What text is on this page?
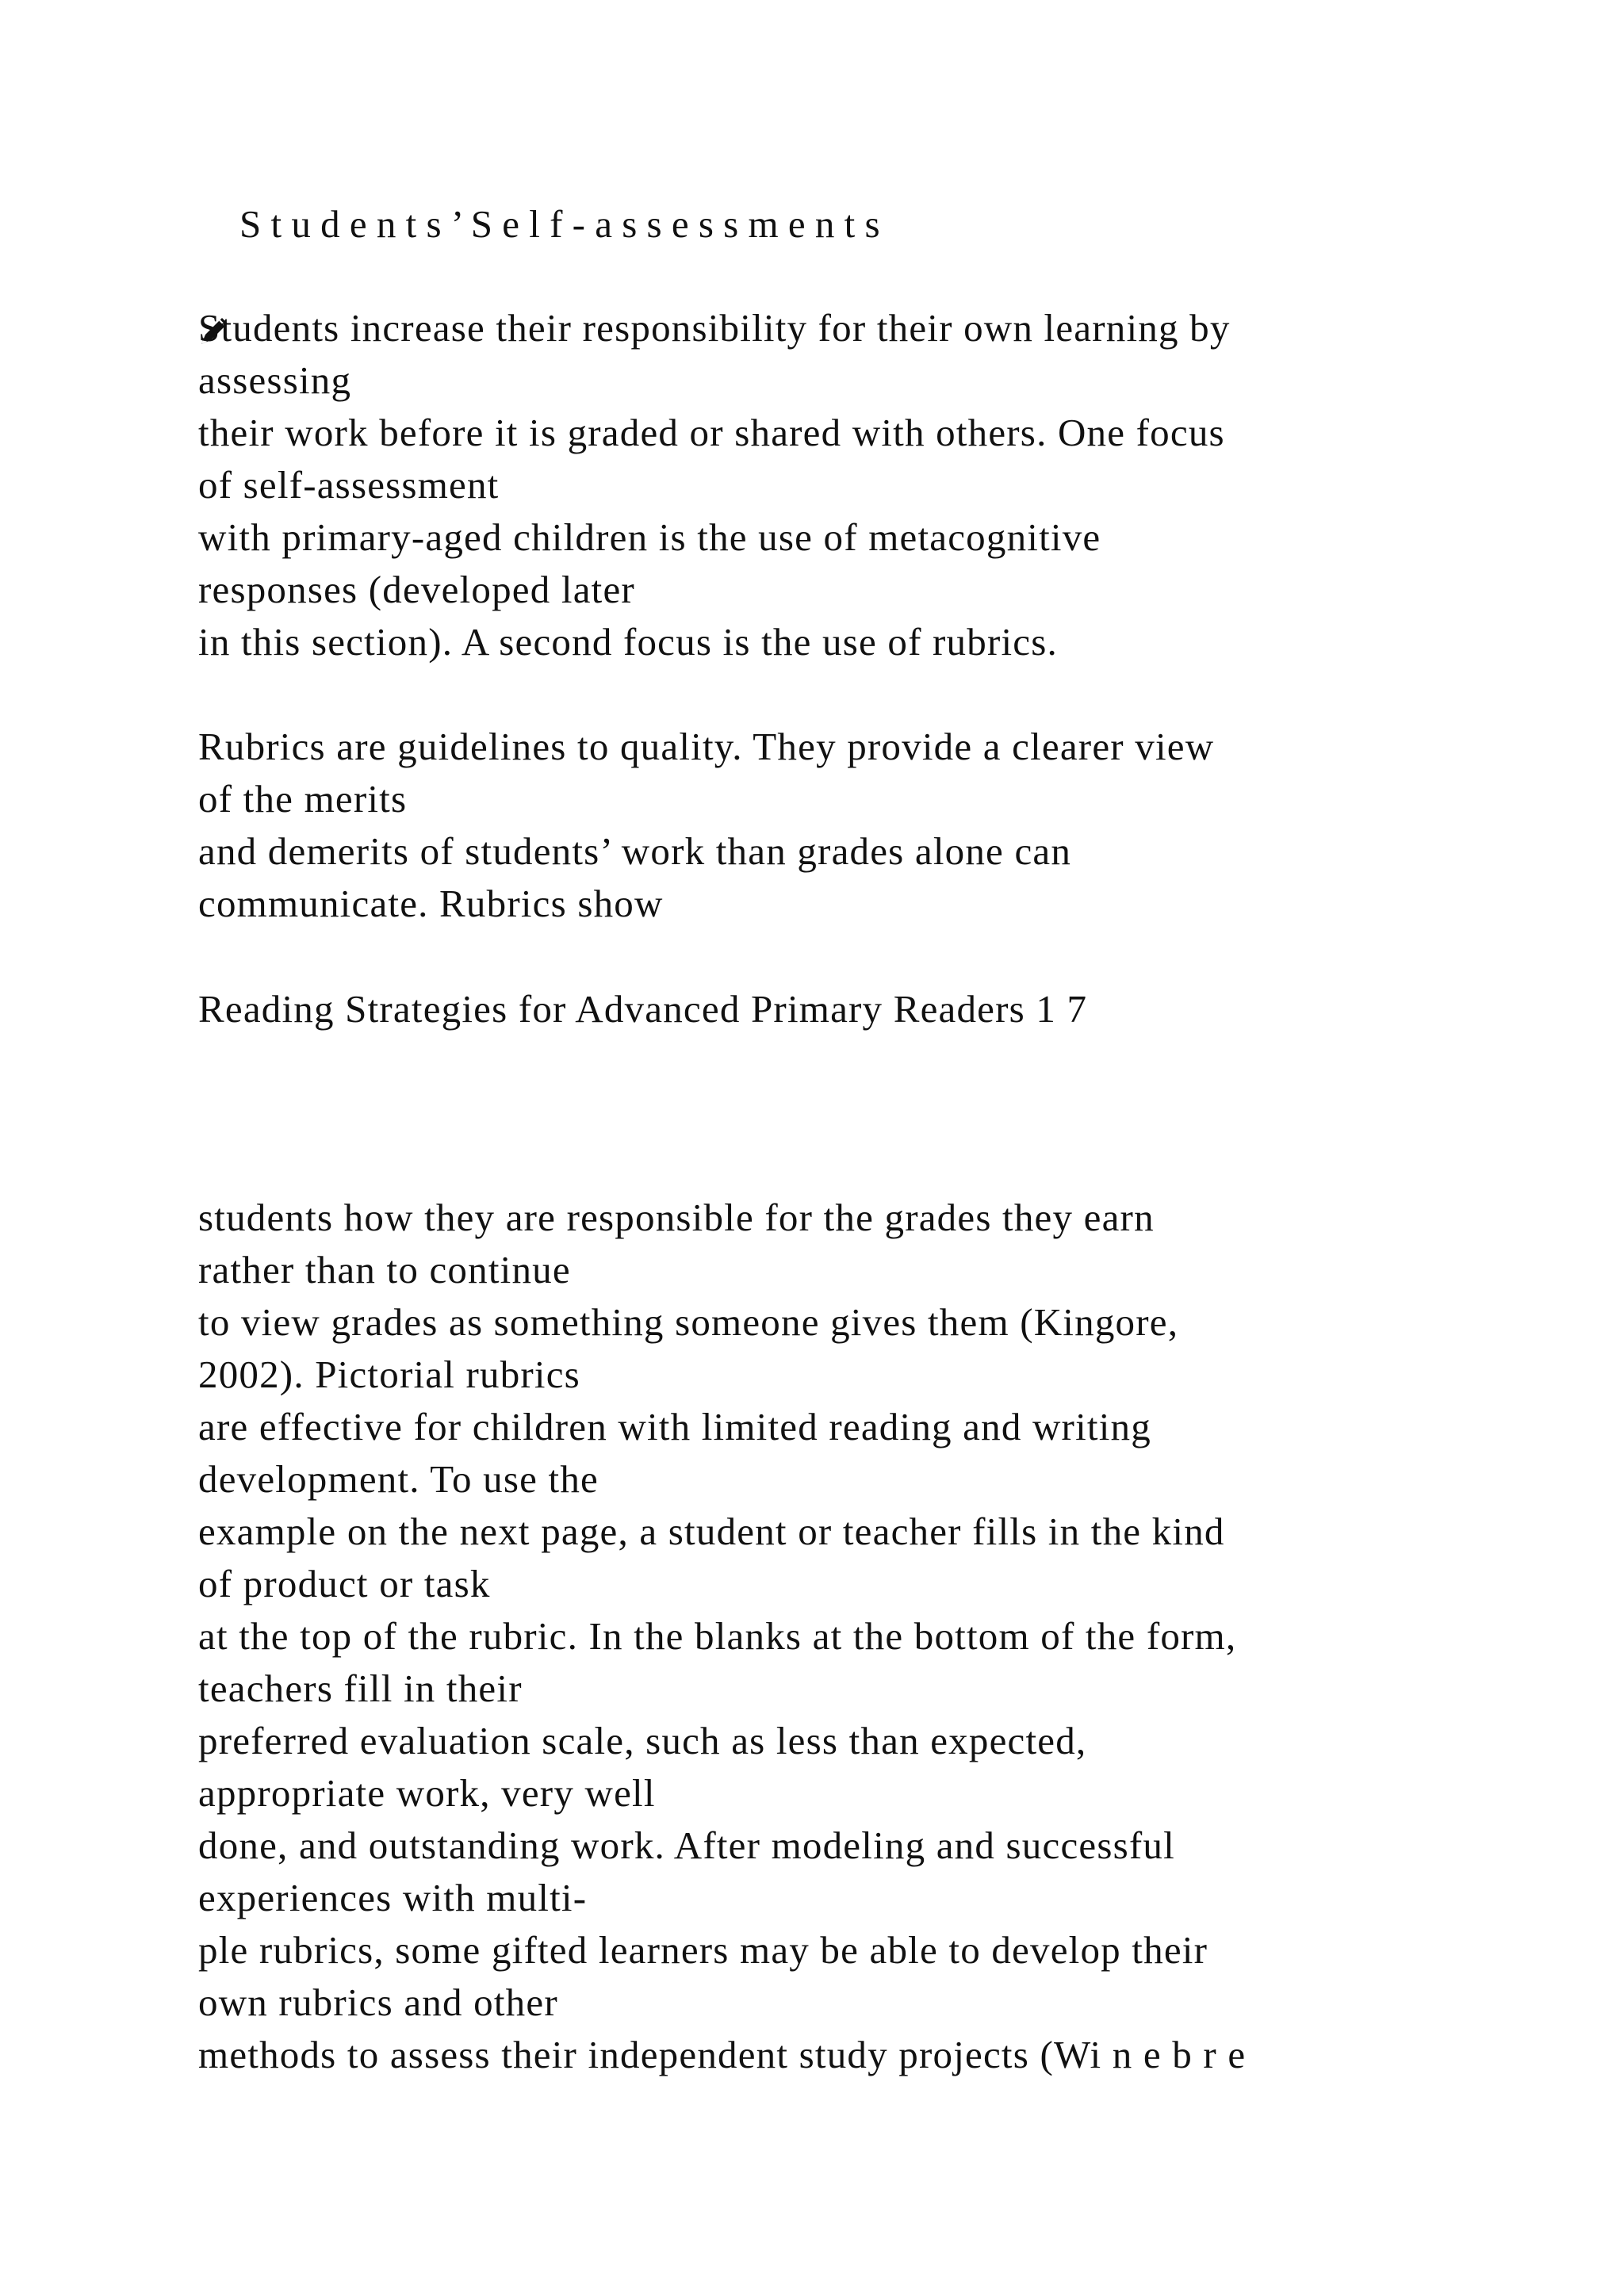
S t u d e n t s ’ S e l f - a s s e s s m e n t s

Students increase their responsibility for their own learning by

assessing

their work before it is graded or shared with others. One focus

of self-assessment

with primary-aged children is the use of metacognitive

responses (developed later

in this section). A second focus is the use of rubrics.

Rubrics are guidelines to quality. They provide a clearer view

of the merits

and demerits of students’ work than grades alone can

communicate. Rubrics show

Reading Strategies for Advanced Primary Readers 1 7

students how they are responsible for the grades they earn

rather than to continue

to view grades as something someone gives them (Kingore,

2002). Pictorial rubrics

are effective for children with limited reading and writing

development. To use the

example on the next page, a student or teacher fills in the kind

of product or task

at the top of the rubric. In the blanks at the bottom of the form,

teachers fill in their

preferred evaluation scale, such as less than expected,

appropriate work, very well

done, and outstanding work. After modeling and successful

experiences with multi-

ple rubrics, some gifted learners may be able to develop their

own rubrics and other

methods to assess their independent study projects (Wi n e b r e
